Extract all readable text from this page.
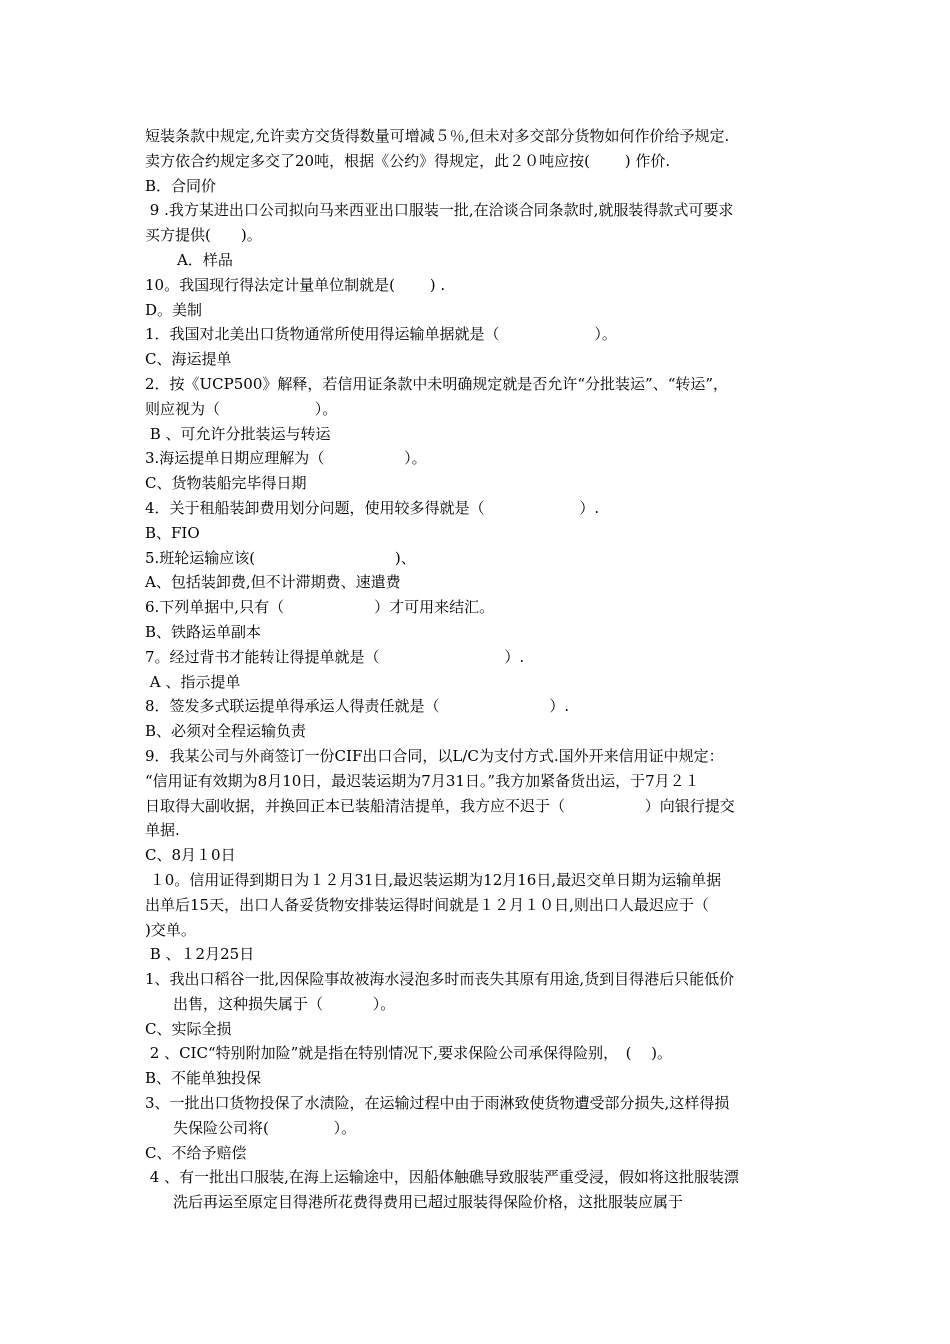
短装条款中规定,允许卖方交货得数量可增减５％,但未对多交部分货物如何作价给予规定.
卖方依合约规定多交了20吨，根据《公约》得规定，此２０吨应按(　　 ) 作价.
B．合同价
9 .我方某进出口公司拟向马来西亚出口服装一批,在洽谈合同条款时,就服装得款式可要求
买方提供(　　)。
A．样品
10。我国现行得法定计量单位制就是(　　 ) .
D。美制
1．我国对北美出口货物通常所使用得运输单据就是（　　　　　　 ）。
C、海运提单
2．按《UCP500》解释，若信用证条款中未明确规定就是否允许“分批装运”、“转运”，
则应视为（　　　　　　 ）。
B 、可允许分批装运与转运
3.海运提单日期应理解为（　　　　　 ）。
C、货物装船完毕得日期
4．关于租船装卸费用划分问题，使用较多得就是（　　　　　　 ）.
B、FIO
5.班轮运输应该(　　　　　　　　　 )、
A、包括装卸费,但不计滞期费、速遣费
6.下列单据中,只有（　　　　　　）才可用来结汇。
B、铁路运单副本
7。经过背书才能转让得提单就是（　　　　　　　　 ）.
A 、指示提单
8．签发多式联运提单得承运人得责任就是（　　　　　　　 ）.
B、必须对全程运输负责
9．我某公司与外商签订一份CIF出口合同，以L/C为支付方式.国外开来信用证中规定：
“信用证有效期为8月10日，最迟装运期为7月31日。”我方加紧备货出运，于7月２１
日取得大副收据，并换回正本已装船清洁提单，我方应不迟于（　　　　　 ）向银行提交
单据.
C、8月１0日
１0。信用证得到期日为１２月31日,最迟装运期为12月16日,最迟交单日期为运输单据
出单后15天，出口人备妥货物安排装运得时间就是１２月１０日,则出口人最迟应于（
)交单。
B 、１2月25日
1、我出口稻谷一批,因保险事故被海水浸泡多时而丧失其原有用途,货到目得港后只能低价
出售，这种损失属于（　　　 ）。
C、实际全损
2 、CIC“特别附加险”就是指在特别情况下,要求保险公司承保得险别，　( 　)。
B、不能单独投保
3、一批出口货物投保了水渍险，在运输过程中由于雨淋致使货物遭受部分损失,这样得损
失保险公司将(　　　　 ）。
C、不给予赔偿
4 、有一批出口服装,在海上运输途中，因船体触礁导致服装严重受浸，假如将这批服装漂
洗后再运至原定目得港所花费得费用已超过服装得保险价格，这批服装应属于
